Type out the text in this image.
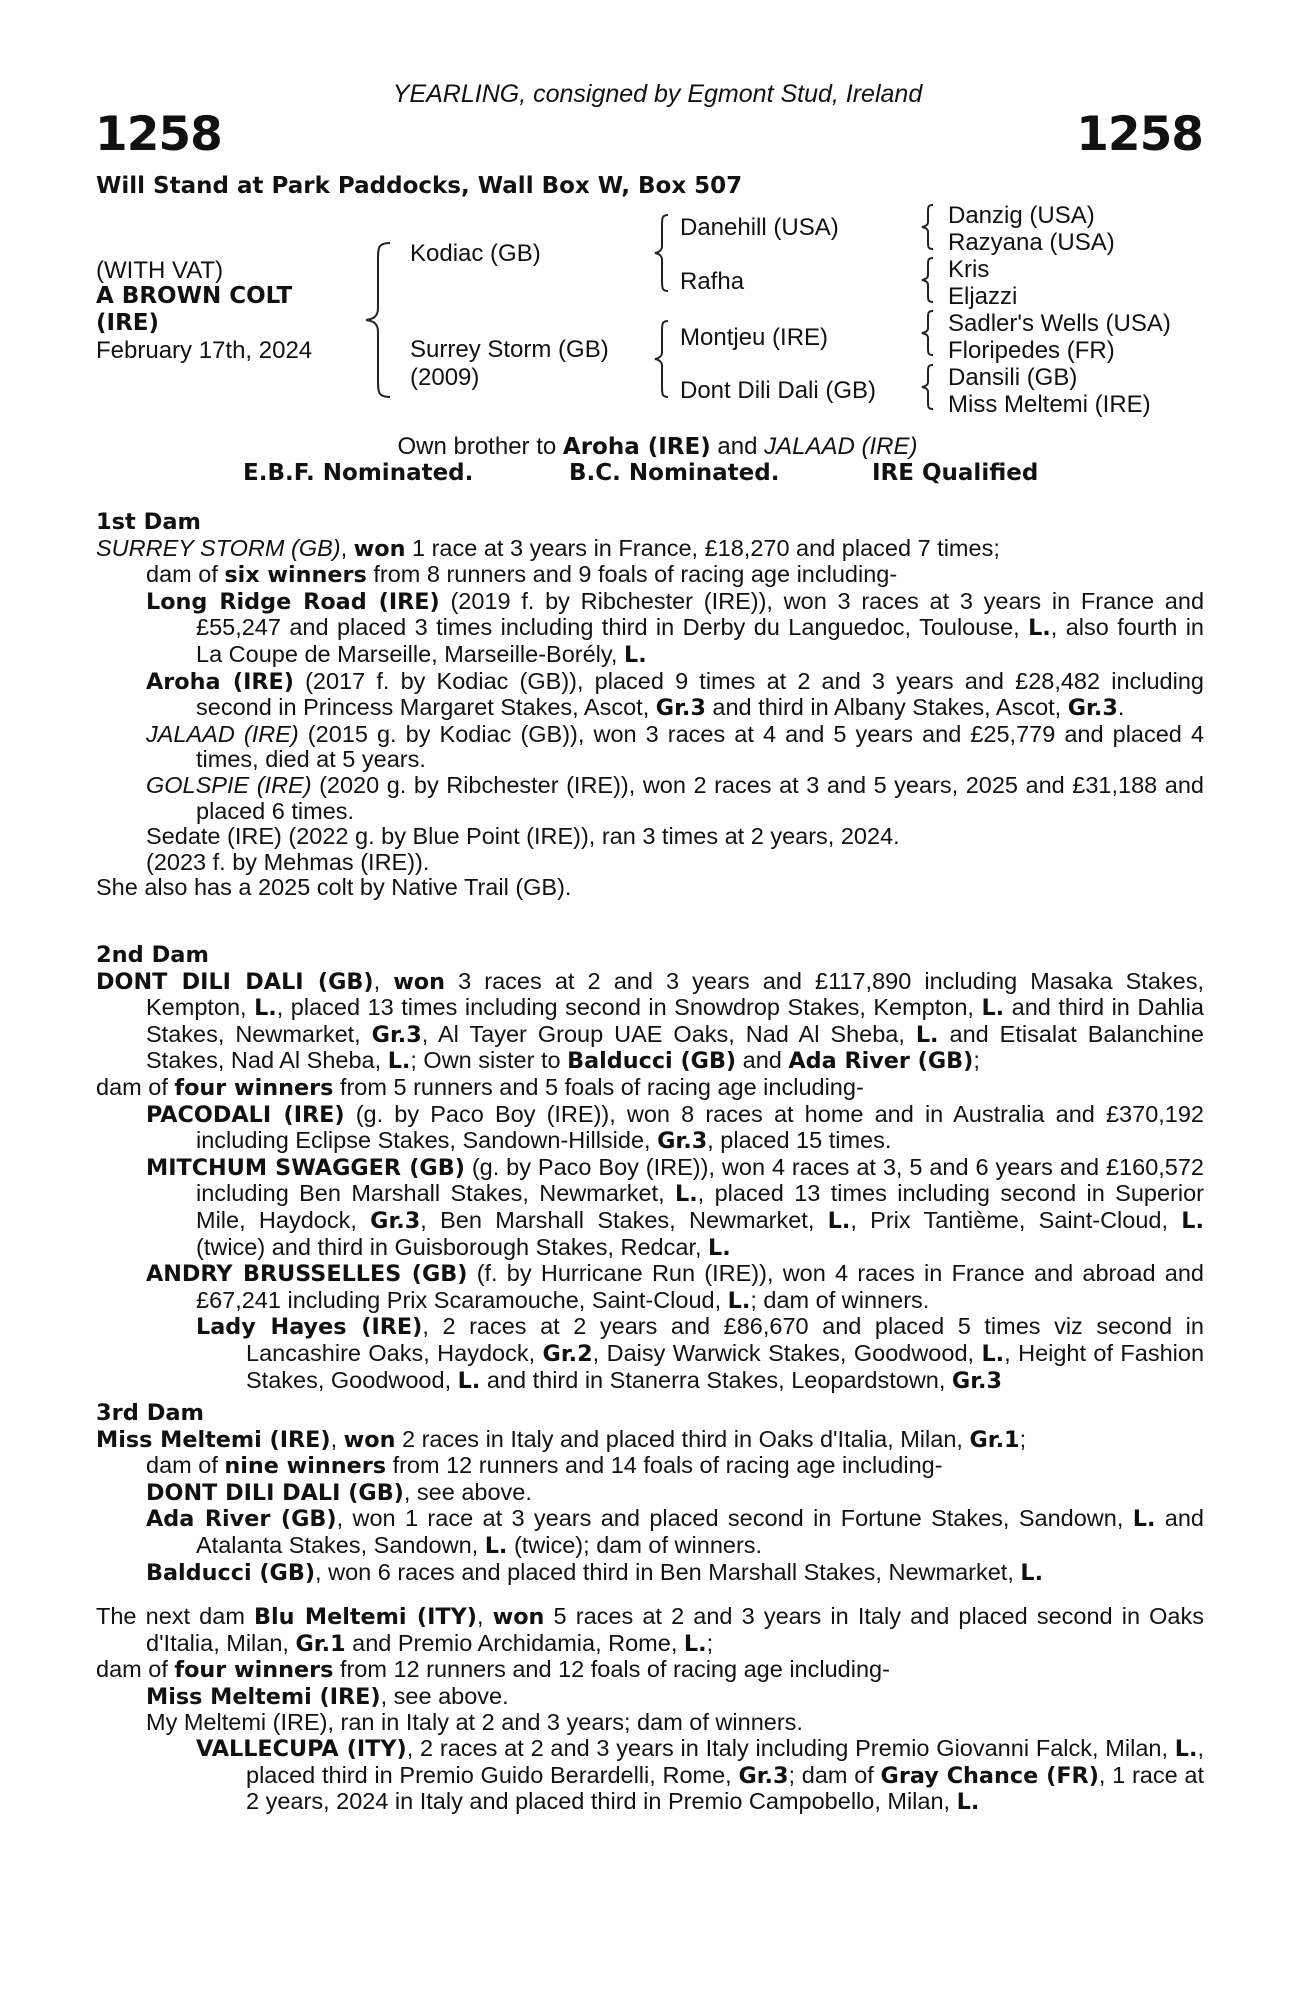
YEARLING, consigned by Egmont Stud, Ireland
1258	1258
Will Stand at Park Paddocks, Wall Box W, Box 507
(WITH VAT)
A BROWN COLT
(IRE)
February 17th, 2024
Kodiac (GB)
Surrey Storm (GB)
(2009)
Danehill (USA)
Rafha
Montjeu (IRE)
Dont Dili Dali (GB)
Danzig (USA)
Razyana (USA)
Kris
Eljazzi
Sadler's Wells (USA)
Floripedes (FR)
Dansili (GB)
Miss Meltemi (IRE)
Own brother to Aroha (IRE) and JALAAD (IRE)
E.B.F. Nominated.	B.C. Nominated.	IRE Qualified
1st Dam

SURREY STORM (GB), won 1 race at 3 years in France, £18,270 and placed 7 times;
dam of six winners from 8 runners and 9 foals of racing age including-

Long Ridge Road (IRE) (2019 f. by Ribchester (IRE)), won 3 races at 3 years in France and £55,247 and placed 3 times including third in Derby du Languedoc, Toulouse, L., also fourth in La Coupe de Marseille, Marseille-Borély, L.

Aroha (IRE) (2017 f. by Kodiac (GB)), placed 9 times at 2 and 3 years and £28,482 including second in Princess Margaret Stakes, Ascot, Gr.3 and third in Albany Stakes, Ascot, Gr.3.

JALAAD (IRE) (2015 g. by Kodiac (GB)), won 3 races at 4 and 5 years and £25,779 and placed 4 times, died at 5 years.

GOLSPIE (IRE) (2020 g. by Ribchester (IRE)), won 2 races at 3 and 5 years, 2025 and £31,188 and placed 6 times.

Sedate (IRE) (2022 g. by Blue Point (IRE)), ran 3 times at 2 years, 2024.

(2023 f. by Mehmas (IRE)).

She also has a 2025 colt by Native Trail (GB).

2nd Dam

DONT DILI DALI (GB), won 3 races at 2 and 3 years and £117,890 including Masaka Stakes, Kempton, L., placed 13 times including second in Snowdrop Stakes, Kempton, L. and third in Dahlia Stakes, Newmarket, Gr.3, Al Tayer Group UAE Oaks, Nad Al Sheba, L. and Etisalat Balanchine Stakes, Nad Al Sheba, L.; Own sister to Balducci (GB) and Ada River (GB);

dam of four winners from 5 runners and 5 foals of racing age including-

PACODALI (IRE) (g. by Paco Boy (IRE)), won 8 races at home and in Australia and £370,192 including Eclipse Stakes, Sandown-Hillside, Gr.3, placed 15 times.

MITCHUM SWAGGER (GB) (g. by Paco Boy (IRE)), won 4 races at 3, 5 and 6 years and £160,572 including Ben Marshall Stakes, Newmarket, L., placed 13 times including second in Superior Mile, Haydock, Gr.3, Ben Marshall Stakes, Newmarket, L., Prix Tantième, Saint-Cloud, L. (twice) and third in Guisborough Stakes, Redcar, L.

ANDRY BRUSSELLES (GB) (f. by Hurricane Run (IRE)), won 4 races in France and abroad and £67,241 including Prix Scaramouche, Saint-Cloud, L.; dam of winners.

Lady Hayes (IRE), 2 races at 2 years and £86,670 and placed 5 times viz second in Lancashire Oaks, Haydock, Gr.2, Daisy Warwick Stakes, Goodwood, L., Height of Fashion Stakes, Goodwood, L. and third in Stanerra Stakes, Leopardstown, Gr.3

3rd Dam

Miss Meltemi (IRE), won 2 races in Italy and placed third in Oaks d'Italia, Milan, Gr.1;
dam of nine winners from 12 runners and 14 foals of racing age including-

DONT DILI DALI (GB), see above.

Ada River (GB), won 1 race at 3 years and placed second in Fortune Stakes, Sandown, L. and Atalanta Stakes, Sandown, L. (twice); dam of winners.

Balducci (GB), won 6 races and placed third in Ben Marshall Stakes, Newmarket, L.

The next dam Blu Meltemi (ITY), won 5 races at 2 and 3 years in Italy and placed second in Oaks d'Italia, Milan, Gr.1 and Premio Archidamia, Rome, L.;

dam of four winners from 12 runners and 12 foals of racing age including-

Miss Meltemi (IRE), see above.

My Meltemi (IRE), ran in Italy at 2 and 3 years; dam of winners.

VALLECUPA (ITY), 2 races at 2 and 3 years in Italy including Premio Giovanni Falck, Milan, L., placed third in Premio Guido Berardelli, Rome, Gr.3; dam of Gray Chance (FR), 1 race at 2 years, 2024 in Italy and placed third in Premio Campobello, Milan, L.
